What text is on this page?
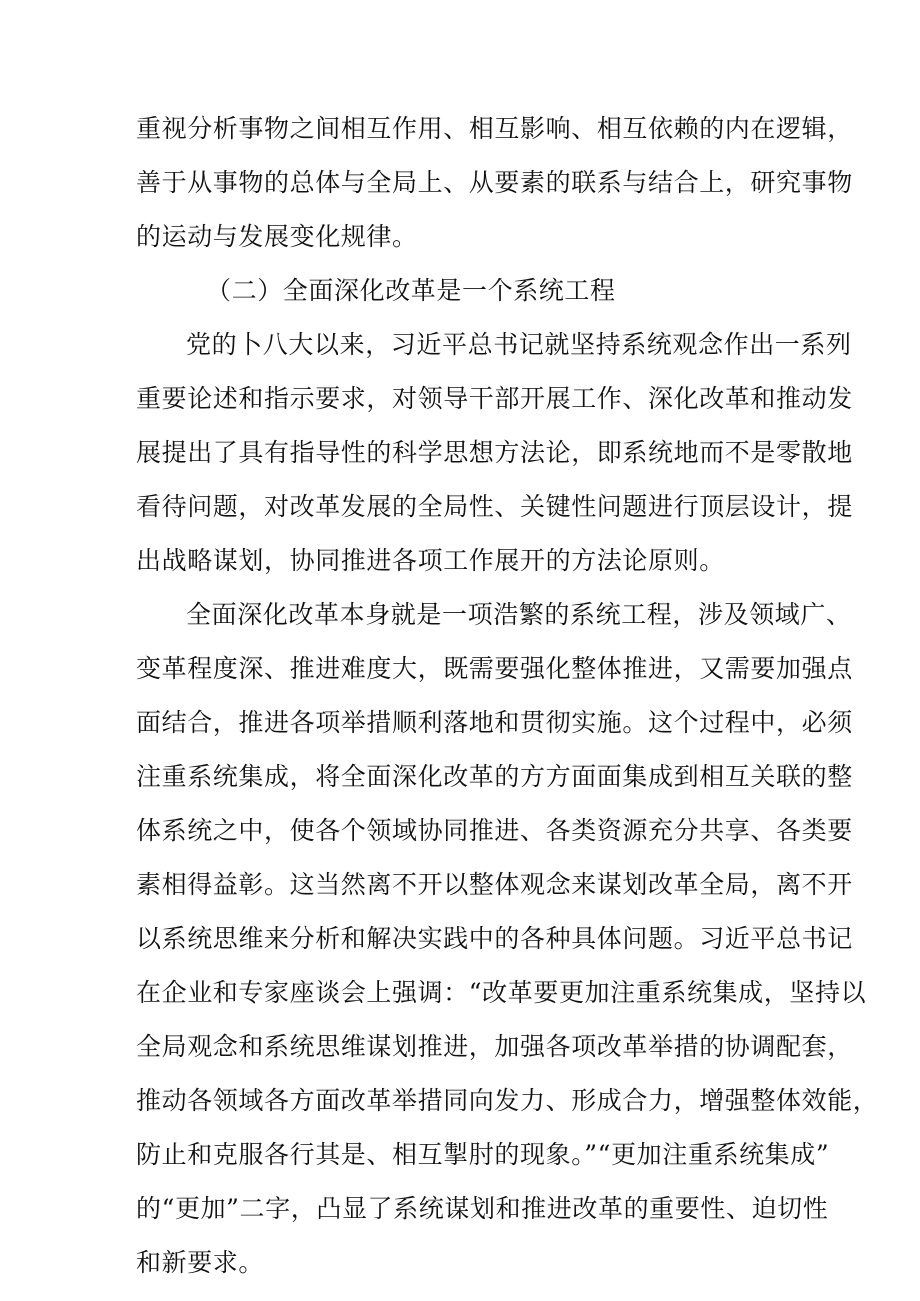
重视分析事物之间相互作用、相互影响、相互依赖的内在逻辑，
善于从事物的总体与全局上、从要素的联系与结合上，研究事物
的运动与发展变化规律。
（二）全面深化改革是一个系统工程
党的卜八大以来，习近平总书记就坚持系统观念作出一系列
重要论述和指示要求，对领导干部开展工作、深化改革和推动发
展提出了具有指导性的科学思想方法论，即系统地而不是零散地
看待问题，对改革发展的全局性、关键性问题进行顶层设计，提
出战略谋划，协同推进各项工作展开的方法论原则。
全面深化改革本身就是一项浩繁的系统工程，涉及领域广、
变革程度深、推进难度大，既需要强化整体推进，又需要加强点
面结合，推进各项举措顺利落地和贯彻实施。这个过程中，必须
注重系统集成，将全面深化改革的方方面面集成到相互关联的整
体系统之中，使各个领域协同推进、各类资源充分共享、各类要
素相得益彰。这当然离不开以整体观念来谋划改革全局，离不开
以系统思维来分析和解决实践中的各种具体问题。习近平总书记
在企业和专家座谈会上强调：“改革要更加注重系统集成，坚持以
全局观念和系统思维谋划推进，加强各项改革举措的协调配套，
推动各领域各方面改革举措同向发力、形成合力，增强整体效能，
防止和克服各行其是、相互掣肘的现象。”“更加注重系统集成”
的“更加”二字，凸显了系统谋划和推进改革的重要性、迫切性
和新要求。
